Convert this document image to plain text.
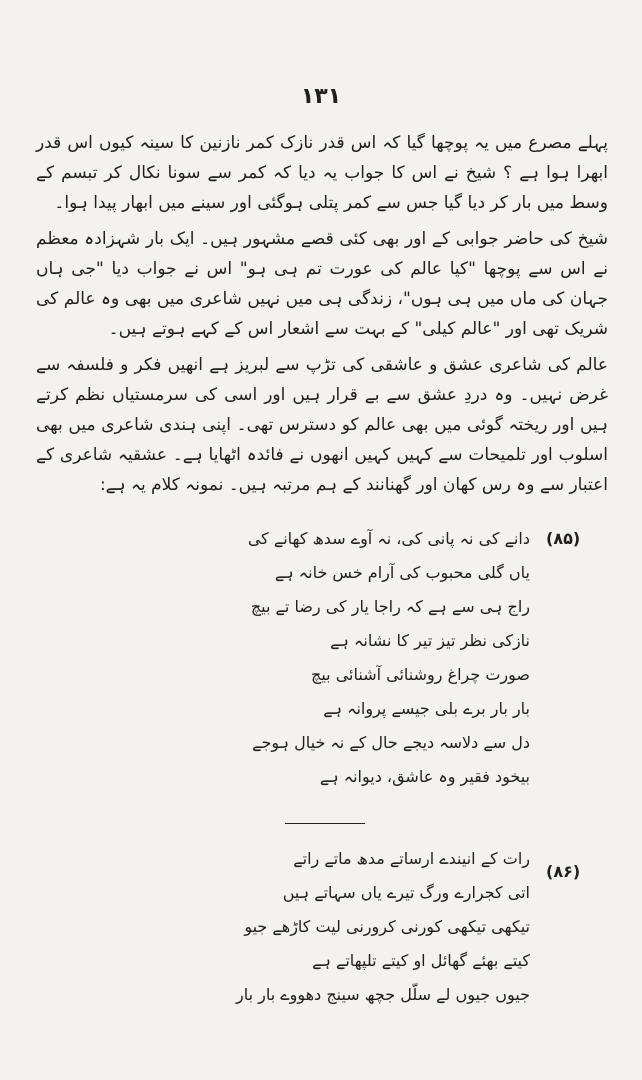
۱۳۱

پہلے مصرع میں یہ پوچھا گیا کہ اس قدر نازک کمر نازنین کا سینہ کیوں اس قدر ابھرا ہوا ہے ؟ شیخ نے اس کا جواب یہ دیا کہ کمر سے سونا نکال کر تبسم کے وسط میں بار کر دیا گیا جس سے کمر پتلی ہوگئی اور سینے میں ابھار پیدا ہوا۔

شیخ کی حاضر جوابی کے اور بھی کئی قصے مشہور ہیں۔ ایک بار شہزادہ معظم نے اس سے پوچھا "کیا عالم کی عورت تم ہی ہو" اس نے جواب دیا "جی ہاں جہان کی ماں میں ہی ہوں"، زندگی ہی میں نہیں شاعری میں بھی وہ عالم کی شریک تھی اور "عالم کیلی" کے بہت سے اشعار اس کے کہے ہوتے ہیں۔

عالم کی شاعری عشق و عاشقی کی تڑپ سے لبریز ہے انھیں فکر و فلسفہ سے غرض نہیں۔ وہ دردِ عشق سے بے قرار ہیں اور اسی کی سرمستیاں نظم کرتے ہیں اور ریختہ گوئی میں بھی عالم کو دسترس تھی۔ اپنی ہندی شاعری میں بھی اسلوب اور تلمیحات سے کہیں کہیں انھوں نے فائدہ اٹھایا ہے۔ عشقیہ شاعری کے اعتبار سے وہ رس کھان اور گھنانند کے ہم مرتبہ ہیں۔ نمونہ کلام یہ ہے:

(۸۵)
دانے کی نہ پانی کی، نہ آوے سدھ کھانے کی
یاں گلی محبوب کی آرام خس خانہ ہے
راج ہی سے ہے کہ راجا یار کی رضا تے بیچ
نازکی نظر تیز تیر کا نشانہ ہے
صورت چراغ روشنائی آشنائی بیچ
بار بار برے بلی جیسے پروانہ ہے
دل سے دلاسہ دیجے حال کے نہ خیال ہوجے
بیخود فقیر وہ عاشق، دیوانہ ہے
(۸۶)
رات کے انیندے ارساتے مدھ ماتے راتے
اتی کجرارے ورگ تیرے یاں سہاتے ہیں
تیکھی تیکھی کورنی کرورنی لیت کاڑھے جیو
کیتے بھئے گھائل او کیتے تلپھاتے ہے
جیوں جیوں لے سلّل جچھ سینج دھووے بار بار
